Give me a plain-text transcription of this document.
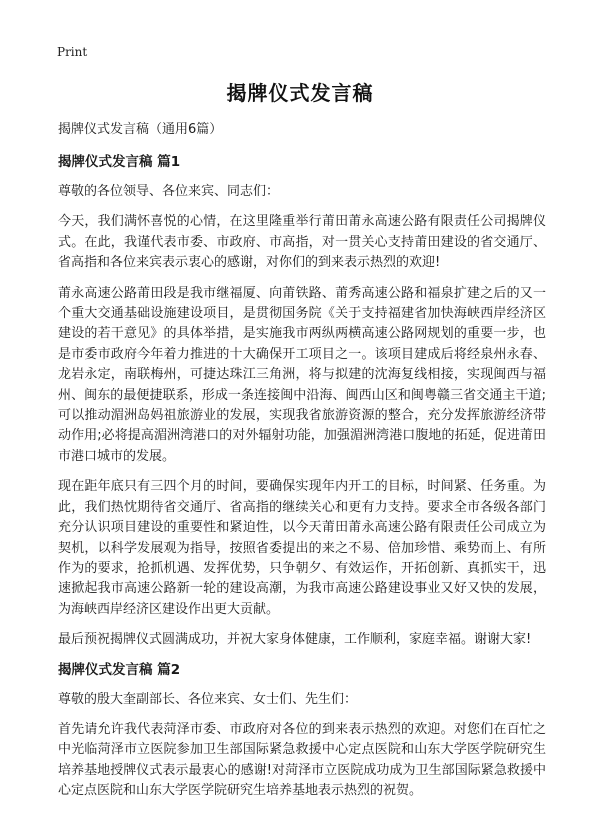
Print
揭牌仪式发言稿
揭牌仪式发言稿（通用6篇）
揭牌仪式发言稿 篇1

尊敬的各位领导、各位来宾、同志们：

今天，我们满怀喜悦的心情，在这里隆重举行莆田莆永高速公路有限责任公司揭牌仪式。在此，我谨代表市委、市政府、市高指，对一贯关心支持莆田建设的省交通厅、省高指和各位来宾表示衷心的感谢，对你们的到来表示热烈的欢迎!

莆永高速公路莆田段是我市继福厦、向莆铁路、莆秀高速公路和福泉扩建之后的又一个重大交通基础设施建设项目，是贯彻国务院《关于支持福建省加快海峡西岸经济区建设的若干意见》的具体举措，是实施我市两纵两横高速公路网规划的重要一步，也是市委市政府今年着力推进的十大确保开工项目之一。该项目建成后将经泉州永春、龙岩永定，南联梅州，可捷达珠江三角洲，将与拟建的沈海复线相接，实现闽西与福州、闽东的最便捷联系，形成一条连接闽中沿海、闽西山区和闽粤赣三省交通主干道;可以推动湄洲岛妈祖旅游业的发展，实现我省旅游资源的整合，充分发挥旅游经济带动作用;必将提高湄洲湾港口的对外辐射功能，加强湄洲湾港口腹地的拓延，促进莆田市港口城市的发展。

现在距年底只有三四个月的时间，要确保实现年内开工的目标，时间紧、任务重。为此，我们热忱期待省交通厅、省高指的继续关心和更有力支持。要求全市各级各部门充分认识项目建设的重要性和紧迫性，以今天莆田莆永高速公路有限责任公司成立为契机，以科学发展观为指导，按照省委提出的来之不易、倍加珍惜、乘势而上、有所作为的要求，抢抓机遇、发挥优势，只争朝夕、有效运作，开拓创新、真抓实干，迅速掀起我市高速公路新一轮的建设高潮，为我市高速公路建设事业又好又快的发展，为海峡西岸经济区建设作出更大贡献。

最后预祝揭牌仪式圆满成功，并祝大家身体健康，工作顺利，家庭幸福。谢谢大家!

揭牌仪式发言稿 篇2

尊敬的殷大奎副部长、各位来宾、女士们、先生们：

首先请允许我代表菏泽市委、市政府对各位的到来表示热烈的欢迎。对您们在百忙之中光临菏泽市立医院参加卫生部国际紧急救援中心定点医院和山东大学医学院研究生培养基地授牌仪式表示最衷心的感谢!对菏泽市立医院成功成为卫生部国际紧急救援中心定点医院和山东大学医学院研究生培养基地表示热烈的祝贺。
